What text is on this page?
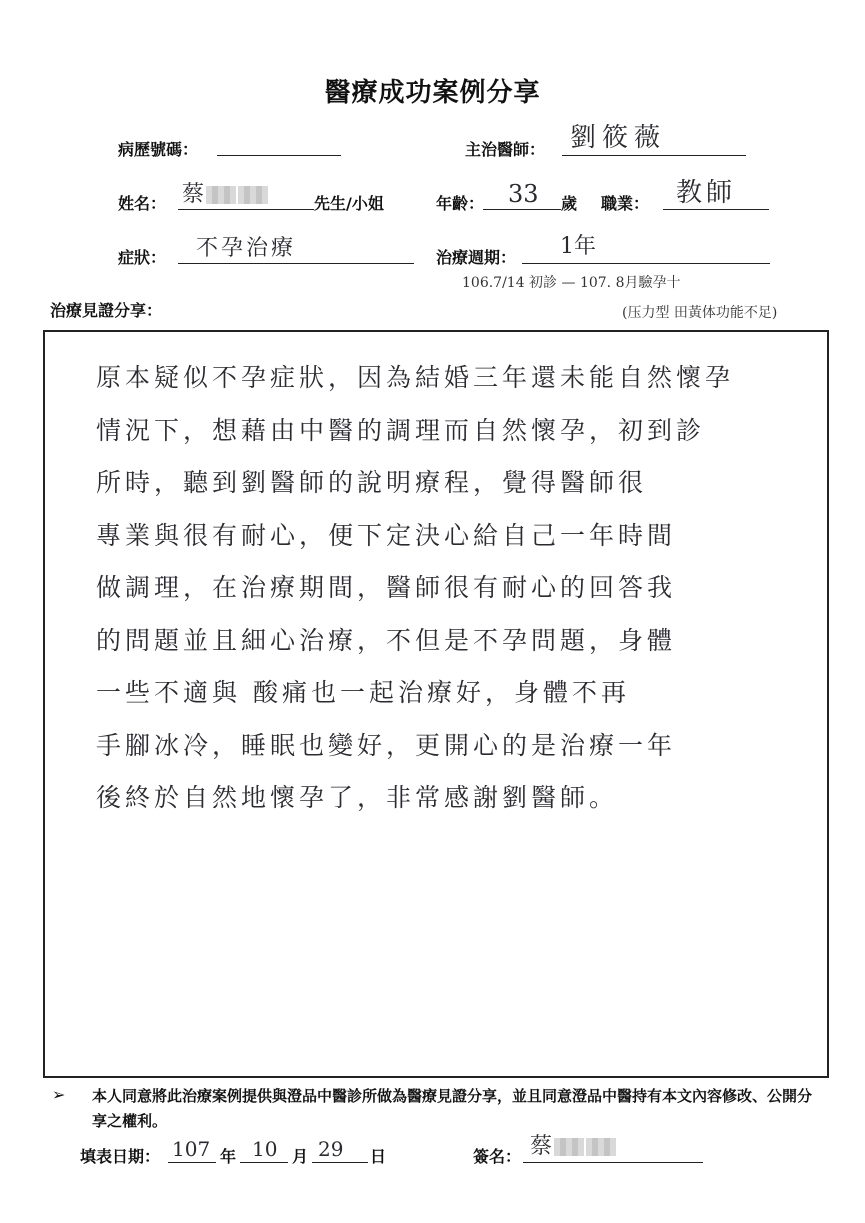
醫療成功案例分享
病歷號碼：	主治醫師： 劉筱薇
姓名： 蔡	先生/小姐	年齡： 33 歲 職業： 教師
症狀： 不孕治療	治療週期： 1年
106.7/14 初診 — 107. 8月驗孕十
(压力型 田黃体功能不足)
治療見證分享：
原本疑似不孕症狀，因為結婚三年還未能自然懷孕
情況下，想藉由中醫的調理而自然懷孕，初到診
所時，聽到劉醫師的說明療程，覺得醫師很
專業與很有耐心，便下定決心給自己一年時間
做調理，在治療期間，醫師很有耐心的回答我
的問題並且細心治療，不但是不孕問題，身體
一些不適與 酸痛也一起治療好，身體不再
手腳冰冷，睡眠也變好，更開心的是治療一年
後終於自然地懷孕了，非常感謝劉醫師。
➢ 本人同意將此治療案例提供與澄品中醫診所做為醫療見證分享，並且同意澄品中醫持有本文內容修改、公開分享之權利。
填表日期： 107 年 10 月 29 日	簽名： 蔡
